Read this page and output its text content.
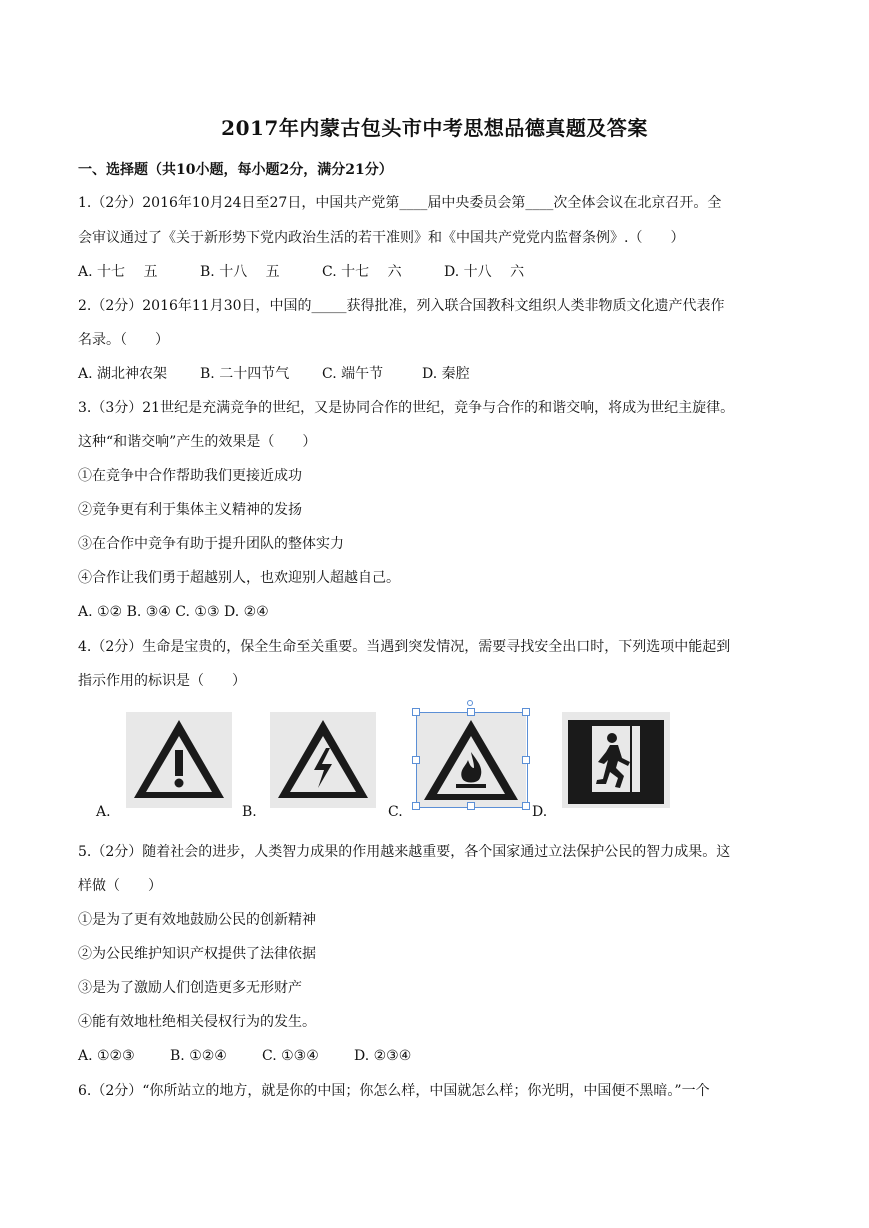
2017年内蒙古包头市中考思想品德真题及答案
一、选择题（共10小题，每小题2分，满分21分）
1.（2分）2016年10月24日至27日，中国共产党第____届中央委员会第____次全体会议在北京召开。全
会审议通过了《关于新形势下党内政治生活的若干准则》和《中国共产党党内监督条例》.（　　）
A. 十七　 五	B. 十八　 五	C. 十七　 六	D. 十八　 六
2.（2分）2016年11月30日，中国的_____获得批准，列入联合国教科文组织人类非物质文化遗产代表作
名录。（　　）
A. 湖北神农架 B. 二十四节气 C. 端午节	D. 秦腔
3.（3分）21世纪是充满竞争的世纪，又是协同合作的世纪，竞争与合作的和谐交响，将成为世纪主旋律。
这种“和谐交响”产生的效果是（　　）
①在竞争中合作帮助我们更接近成功
②竞争更有利于集体主义精神的发扬
③在合作中竞争有助于提升团队的整体实力
④合作让我们勇于超越别人，也欢迎别人超越自己。
A. ①② B. ③④ C. ①③ D. ②④
4.（2分）生命是宝贵的，保全生命至关重要。当遇到突发情况，需要寻找安全出口时，下列选项中能起到
指示作用的标识是（　　）
A.	B.	C.	D.
5.（2分）随着社会的进步，人类智力成果的作用越来越重要，各个国家通过立法保护公民的智力成果。这
样做（　　）
①是为了更有效地鼓励公民的创新精神
②为公民维护知识产权提供了法律依据
③是为了激励人们创造更多无形财产
④能有效地杜绝相关侵权行为的发生。
A. ①②③	B. ①②④	C. ①③④	D. ②③④
6.（2分）“你所站立的地方，就是你的中国；你怎么样，中国就怎么样；你光明，中国便不黑暗。”一个
